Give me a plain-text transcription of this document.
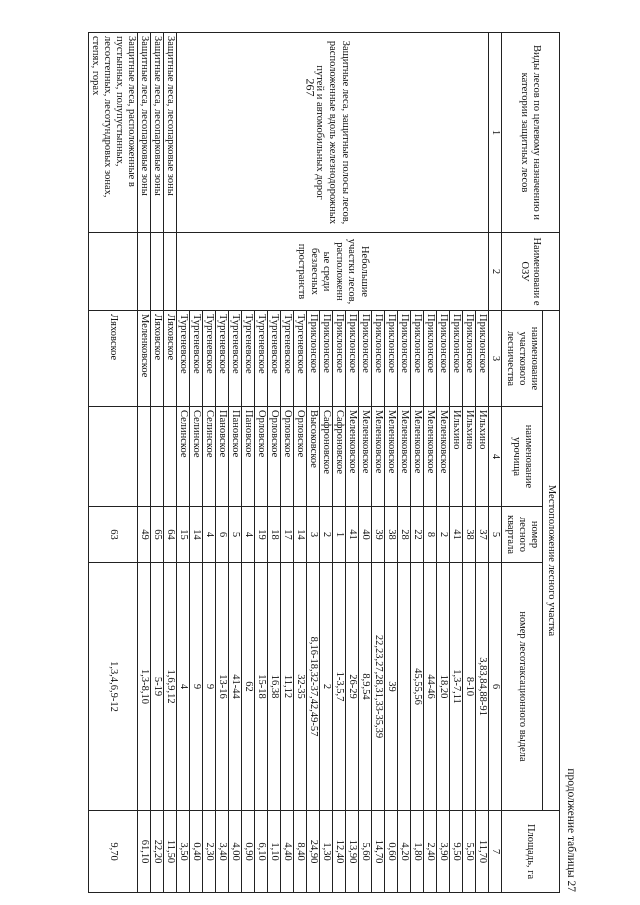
267
продолжение таблицы 27
Виды лесов по целевому назначению и категории защитных лесов	Наименовани е ОЗУ	Местоположение лесного участка				Площадь, га
		наименование участкового лесничества	наименование урочища	номер лесного квартала	номер лесотаксационного выдела	
1	2	3	4	5	6	7
Защитные леса, защитные полосы лесов, расположенные вдоль железнодорожных путей и автомобильных дорог	Небольшие участки лесов, расположенн ые среди безлесных пространств	Приклонское	Ильхино	37	3,83,84,88-91	11,70
		Приклонское	Ильхино	38	8-10	5,50
		Приклонское	Ильхино	41	1,3-7,11	9,50
		Приклонское	Меленковское	2	18,20	3,90
		Приклонское	Меленковское	8	44-46	2,40
		Приклонское	Меленковское	22	45,55,56	1,80
		Приклонское	Меленковское	28		4,20
		Приклонское	Меленковское	38	39	0,60
		Приклонское	Меленковское	39	22,23,27,28,31,33-35,39	14,70
		Приклонское	Меленковское	40	8,9,54	5,60
		Приклонское	Меленковское	41	26-29	13,90
		Приклонское	Сафроновское	1	1-3,5,7	12,40
		Приклонское	Сафроновское	2	2	1,30
		Приклонское	Высоковское	3	8,16-18,32-37,42,49-57	24,90
		Тургеневское	Орловское	14	32-35	8,40
		Тургеневское	Орловское	17	11,12	4,40
		Тургеневское	Орловское	18	16,38	1,10
		Тургеневское	Орловское	19	15-18	6,10
		Тургеневское	Пановское	4	62	0,90
		Тургеневское	Пановское	5	41-44	4,00
		Тургеневское	Пановское	6	13-16	3,40
		Тургеневское	Селинское	4	9	2,30
		Тургеневское	Селинское	14	9	0,40
		Тургеневское	Селинское	15	4	3,50
Защитные леса, лесопарковые зоны		Ляховское		64	1,6,9,12	11,50
Защитные леса, лесопарковые зоны		Ляховское		65	5-19	22,20
Защитные леса, лесопарковые зоны		Меленковское		49	1,3-8,10	61,10
Защитные леса, расположенные в пустынных, полупустынных, лесостепных, лесотундровых зонах, степях, горах		Ляховское		63	1,3,4,6,9-12	9,70
